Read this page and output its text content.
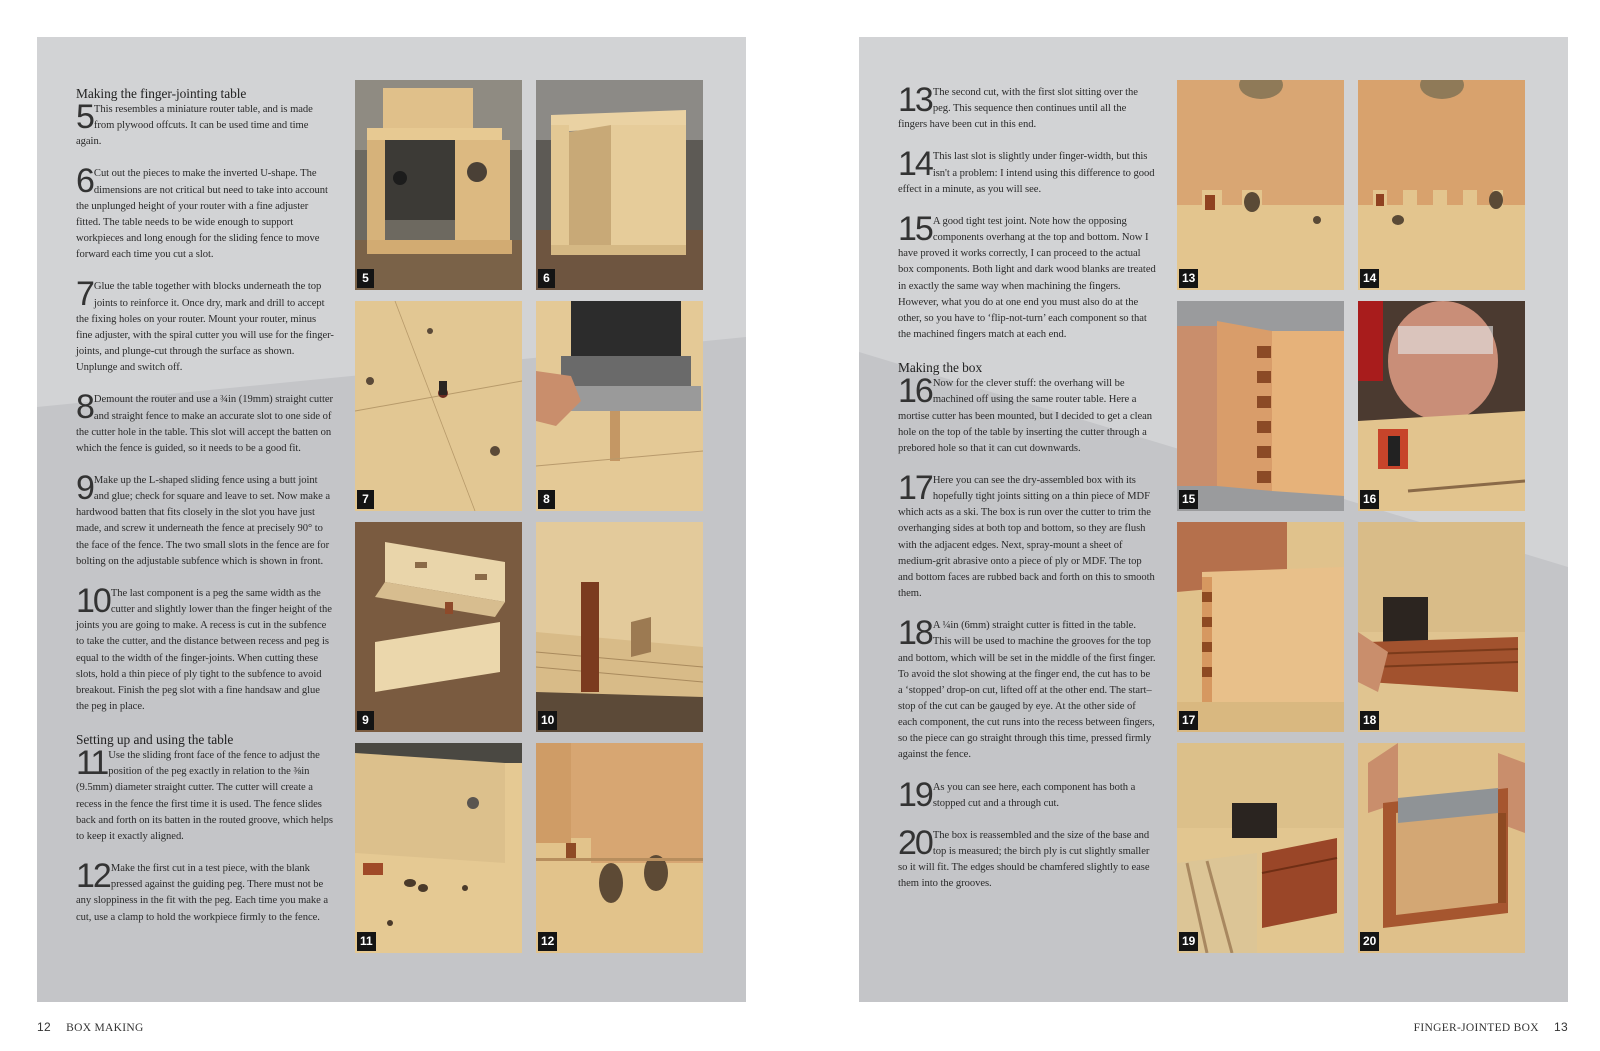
Making the finger-jointing table
5 This resembles a miniature router table, and is made from plywood offcuts. It can be used time and time again.
6 Cut out the pieces to make the inverted U-shape. The dimensions are not critical but need to take into account the unplunged height of your router with a fine adjuster fitted. The table needs to be wide enough to support workpieces and long enough for the sliding fence to move forward each time you cut a slot.
7 Glue the table together with blocks underneath the top joints to reinforce it. Once dry, mark and drill to accept the fixing holes on your router. Mount your router, minus fine adjuster, with the spiral cutter you will use for the finger-joints, and plunge-cut through the surface as shown. Unplunge and switch off.
8 Demount the router and use a ¾in (19mm) straight cutter and straight fence to make an accurate slot to one side of the cutter hole in the table. This slot will accept the batten on which the fence is guided, so it needs to be a good fit.
9 Make up the L-shaped sliding fence using a butt joint and glue; check for square and leave to set. Now make a hardwood batten that fits closely in the slot you have just made, and screw it underneath the fence at precisely 90° to the face of the fence. The two small slots in the fence are for bolting on the adjustable subfence which is shown in front.
10 The last component is a peg the same width as the cutter and slightly lower than the finger height of the joints you are going to make. A recess is cut in the subfence to take the cutter, and the distance between recess and peg is equal to the width of the finger-joints. When cutting these slots, hold a thin piece of ply tight to the subfence to avoid breakout. Finish the peg slot with a fine handsaw and glue the peg in place.
Setting up and using the table
11 Use the sliding front face of the fence to adjust the position of the peg exactly in relation to the ⅜in (9.5mm) diameter straight cutter. The cutter will create a recess in the fence the first time it is used. The fence slides back and forth on its batten in the routed groove, which helps to keep it exactly aligned.
12 Make the first cut in a test piece, with the blank pressed against the guiding peg. There must not be any sloppiness in the fit with the peg. Each time you make a cut, use a clamp to hold the workpiece firmly to the fence.
5	6
7	8
9	10
11	12
13 The second cut, with the first slot sitting over the peg. This sequence then continues until all the fingers have been cut in this end.
14 This last slot is slightly under finger-width, but this isn't a problem: I intend using this difference to good effect in a minute, as you will see.
15 A good tight test joint. Note how the opposing components overhang at the top and bottom. Now I have proved it works correctly, I can proceed to the actual box components. Both light and dark wood blanks are treated in exactly the same way when machining the fingers. However, what you do at one end you must also do at the other, so you have to ‘flip-not-turn’ each component so that the machined fingers match at each end.
Making the box
16 Now for the clever stuff: the overhang will be machined off using the same router table. Here a mortise cutter has been mounted, but I decided to get a clean hole on the top of the table by inserting the cutter through a prebored hole so that it can cut downwards.
17 Here you can see the dry-assembled box with its hopefully tight joints sitting on a thin piece of MDF which acts as a ski. The box is run over the cutter to trim the overhanging sides at both top and bottom, so they are flush with the adjacent edges. Next, spray-mount a sheet of medium-grit abrasive onto a piece of ply or MDF. The top and bottom faces are rubbed back and forth on this to smooth them.
18 A ¼in (6mm) straight cutter is fitted in the table. This will be used to machine the grooves for the top and bottom, which will be set in the middle of the first finger. To avoid the slot showing at the finger end, the cut has to be a ‘stopped’ drop-on cut, lifted off at the other end. The start–stop of the cut can be gauged by eye. At the other side of each component, the cut runs into the recess between fingers, so the piece can go straight through this time, pressed firmly against the fence.
19 As you can see here, each component has both a stopped cut and a through cut.
20 The box is reassembled and the size of the base and top is measured; the birch ply is cut slightly smaller so it will fit. The edges should be chamfered slightly to ease them into the grooves.
13	14
15	16
17	18
19	20
12 BOX MAKING	FINGER-JOINTED BOX 13
